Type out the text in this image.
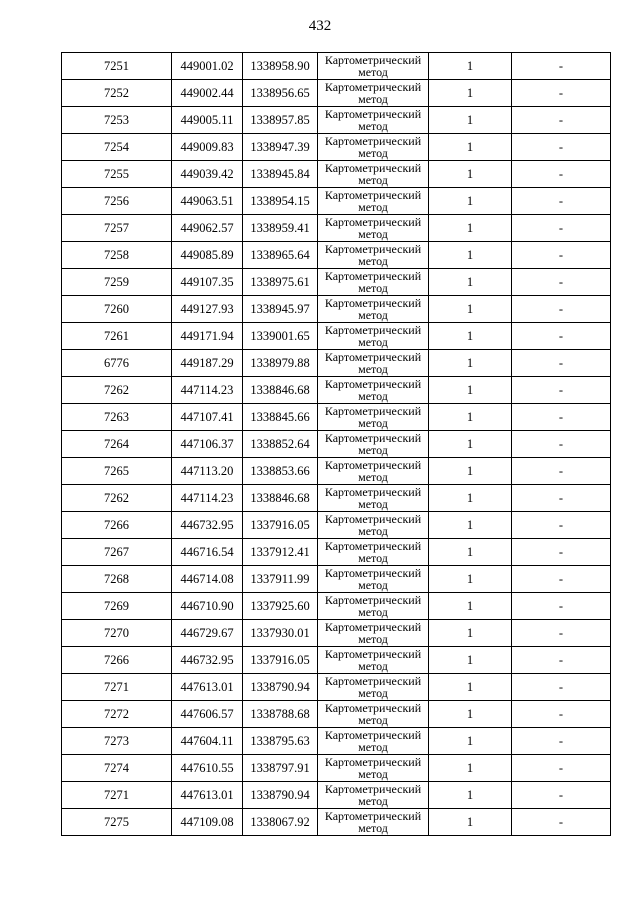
432
7251	449001.02	1338958.90	Картометрический метод	1	-
7252	449002.44	1338956.65	Картометрический метод	1	-
7253	449005.11	1338957.85	Картометрический метод	1	-
7254	449009.83	1338947.39	Картометрический метод	1	-
7255	449039.42	1338945.84	Картометрический метод	1	-
7256	449063.51	1338954.15	Картометрический метод	1	-
7257	449062.57	1338959.41	Картометрический метод	1	-
7258	449085.89	1338965.64	Картометрический метод	1	-
7259	449107.35	1338975.61	Картометрический метод	1	-
7260	449127.93	1338945.97	Картометрический метод	1	-
7261	449171.94	1339001.65	Картометрический метод	1	-
6776	449187.29	1338979.88	Картометрический метод	1	-
7262	447114.23	1338846.68	Картометрический метод	1	-
7263	447107.41	1338845.66	Картометрический метод	1	-
7264	447106.37	1338852.64	Картометрический метод	1	-
7265	447113.20	1338853.66	Картометрический метод	1	-
7262	447114.23	1338846.68	Картометрический метод	1	-
7266	446732.95	1337916.05	Картометрический метод	1	-
7267	446716.54	1337912.41	Картометрический метод	1	-
7268	446714.08	1337911.99	Картометрический метод	1	-
7269	446710.90	1337925.60	Картометрический метод	1	-
7270	446729.67	1337930.01	Картометрический метод	1	-
7266	446732.95	1337916.05	Картометрический метод	1	-
7271	447613.01	1338790.94	Картометрический метод	1	-
7272	447606.57	1338788.68	Картометрический метод	1	-
7273	447604.11	1338795.63	Картометрический метод	1	-
7274	447610.55	1338797.91	Картометрический метод	1	-
7271	447613.01	1338790.94	Картометрический метод	1	-
7275	447109.08	1338067.92	Картометрический метод	1	-
